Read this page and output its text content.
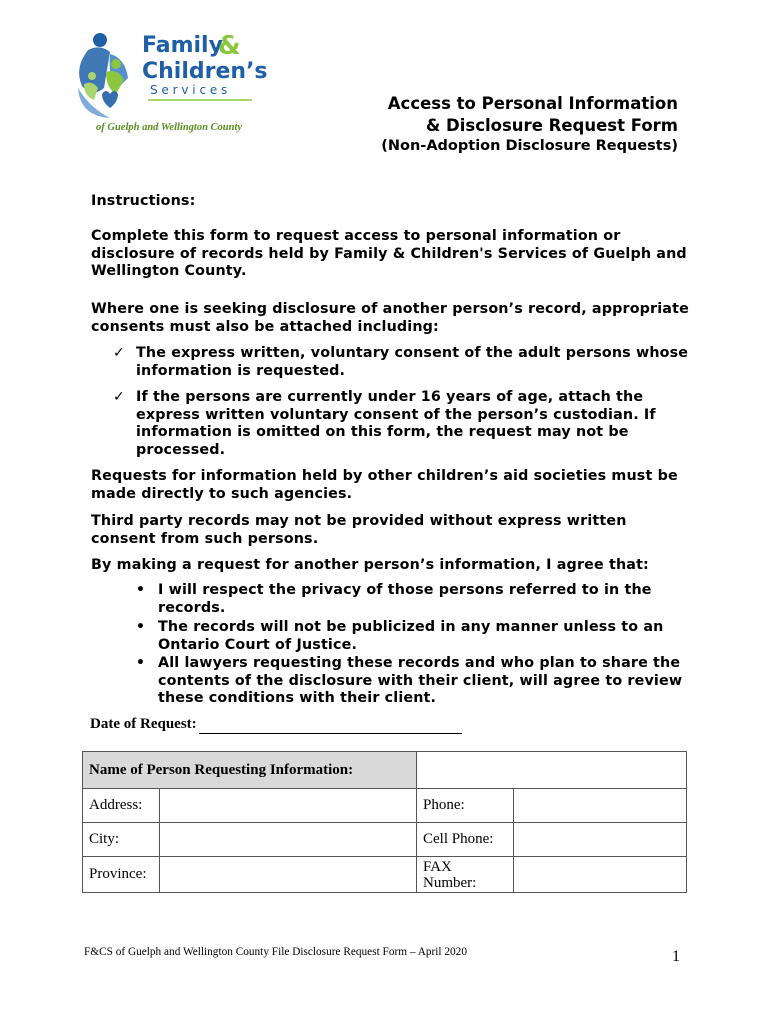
Family
&
Children’s
S e r v i c e s
of Guelph and Wellington County
Access to Personal Information
& Disclosure Request Form
(Non-Adoption Disclosure Requests)
Instructions:
Complete this form to request access to personal information or disclosure of records held by Family & Children's Services of Guelph and Wellington County.
Where one is seeking disclosure of another person’s record, appropriate consents must also be attached including:
✓ The express written, voluntary consent of the adult persons whose information is requested.
✓ If the persons are currently under 16 years of age, attach the express written voluntary consent of the person’s custodian. If information is omitted on this form, the request may not be processed.
Requests for information held by other children’s aid societies must be made directly to such agencies.
Third party records may not be provided without express written consent from such persons.
By making a request for another person’s information, I agree that:
• I will respect the privacy of those persons referred to in the records.
• The records will not be publicized in any manner unless to an Ontario Court of Justice.
• All lawyers requesting these records and who plan to share the contents of the disclosure with their client, will agree to review these conditions with their client.
Date of Request:
Name of Person Requesting Information:			
Address:		Phone:	
City:		Cell Phone:	
Province:		FAX
Number:	
F&CS of Guelph and Wellington County File Disclosure Request Form – April 2020	1
